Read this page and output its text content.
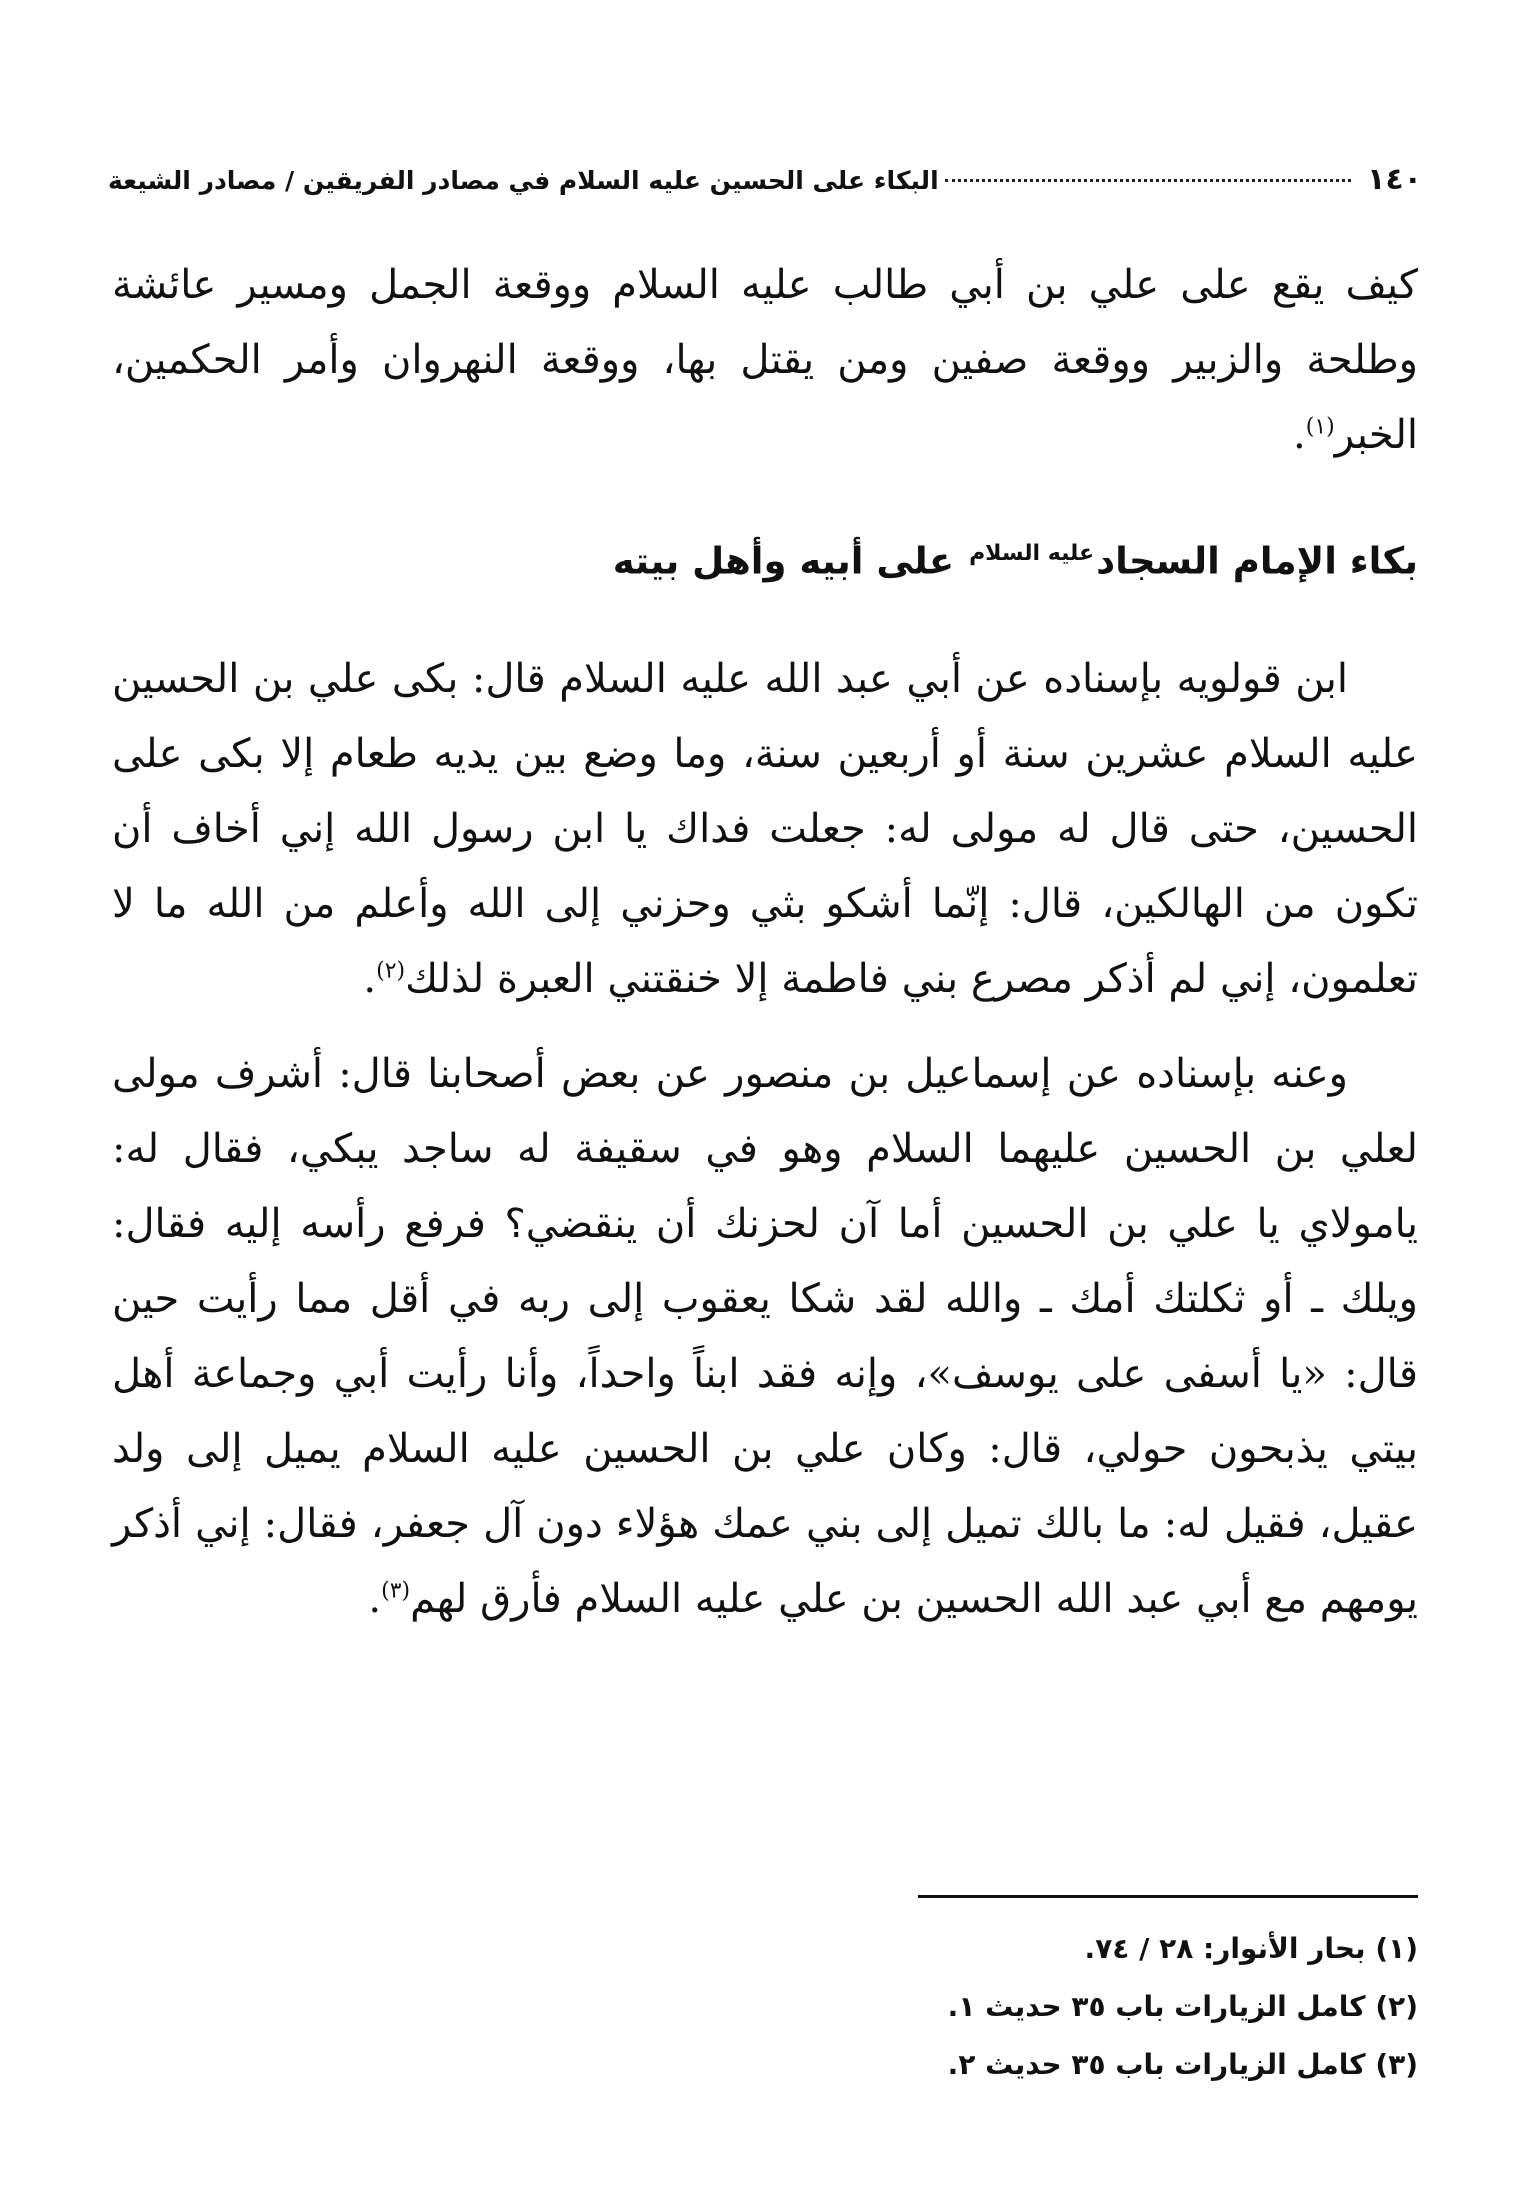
١٤٠
البكاء على الحسين عليه السلام في مصادر الفريقين / مصادر الشيعة

كيف يقع على علي بن أبي طالب عليه السلام ووقعة الجمل ومسير عائشة وطلحة والزبير ووقعة صفين ومن يقتل بها، ووقعة النهروان وأمر الحكمين، الخبر$^{(١)}$.

بكاء الإمام السجاد$^{عليه السلام}$ على أبيه وأهل بيته

ابن قولويه بإسناده عن أبي عبد الله عليه السلام قال: بكى علي بن الحسين عليه السلام عشرين سنة أو أربعين سنة، وما وضع بين يديه طعام إلا بكى على الحسين، حتى قال له مولى له: جعلت فداك يا ابن رسول الله إني أخاف أن تكون من الهالكين، قال: إنّما أشكو بثي وحزني إلى الله وأعلم من الله ما لا تعلمون، إني لم أذكر مصرع بني فاطمة إلا خنقتني العبرة لذلك$^{(٢)}$.

وعنه بإسناده عن إسماعيل بن منصور عن بعض أصحابنا قال: أشرف مولى لعلي بن الحسين عليهما السلام وهو في سقيفة له ساجد يبكي، فقال له: يامولاي يا علي بن الحسين أما آن لحزنك أن ينقضي؟ فرفع رأسه إليه فقال: ويلك ـ أو ثكلتك أمك ـ والله لقد شكا يعقوب إلى ربه في أقل مما رأيت حين قال: «يا أسفى على يوسف»، وإنه فقد ابناً واحداً، وأنا رأيت أبي وجماعة أهل بيتي يذبحون حولي، قال: وكان علي بن الحسين عليه السلام يميل إلى ولد عقيل، فقيل له: ما بالك تميل إلى بني عمك هؤلاء دون آل جعفر، فقال: إني أذكر يومهم مع أبي عبد الله الحسين بن علي عليه السلام فأرق لهم$^{(٣)}$.

(١) بحار الأنوار: ٢٨ / ٧٤.

(٢) كامل الزيارات باب ٣٥ حديث ١.

(٣) كامل الزيارات باب ٣٥ حديث ٢.
